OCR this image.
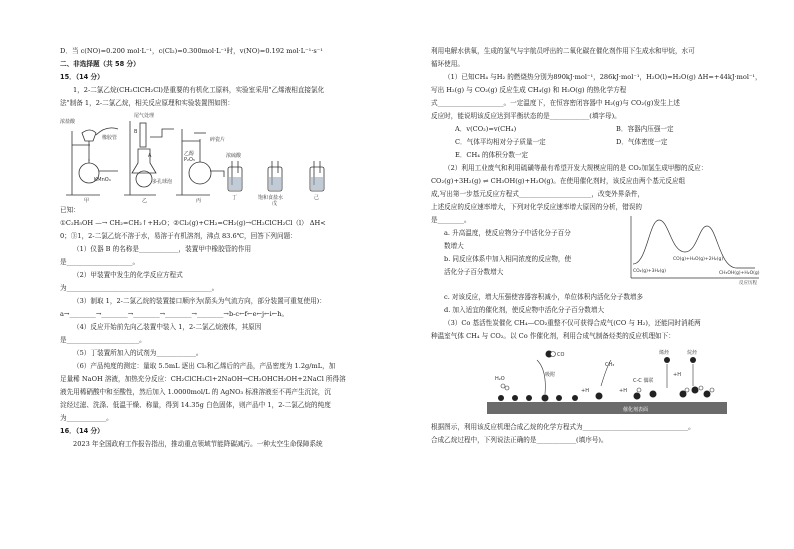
D．当 c(NO)=0.200 mol·L⁻¹，c(Cl₂)=0.300mol·L⁻¹时，v(NO)=0.192 mol·L⁻¹·s⁻¹
二、非选择题（共 58 分）
15．（14 分）
1，2-二氯乙烷(CH₂ClCH₂Cl)是重要的有机化工原料，实验室采用"乙烯液相直接氯化
法"制备 1，2-二氯乙烷，相关反应原理和实验装置图如图：
浓盐酸
KMnO₄
甲
尾气处理
A
B
橡胶管
多孔球泡
乙
乙醇
P₂O₅
丙
浓硫酸
丁	饱和食盐水
戊
己
碎瓷片
已知：
①C₂H₅OH —→ CH₂=CH₂↑+H₂O；②Cl₂(g)+CH₂=CH₂(g)→CH₂ClCH₂Cl（l） ΔH<
0；③1，2-二氯乙烷不溶于水，易溶于有机溶剂，沸点 83.6℃，回答下列问题：
（1）仪器 B 的名称是____________，装置甲中橡胶管的作用
是____________________。
（2）甲装置中发生的化学反应方程式
为____________________________________________。
（3）制取 1，2-二氯乙烷的装置接口顺序为(箭头为气流方向，部分装置可重复使用)：
a→________→________→________→________→________→b-c←f←e←j←i←h。
（4）反应开始前先向乙装置中装入 1，2-二氯乙烷液体，其原因
是______________________。
（5）丁装置所加入的试剂为____________。
（6）产品纯度的测定：量取 5.5mL 逐出 Cl₂和乙烯后的产品，产品密度为 1.2g/mL，加
足量稀 NaOH 溶液，加热充分反应：CH₂ClCH₂Cl+2NaOH→CH₂OHCH₂OH+2NaCl 所得溶
液先用稀硝酸中和至酸性，然后加入 1.0000mol/L 的 AgNO₃ 标准溶液至不再产生沉淀，沉
淀经过滤、洗涤、低温干燥、称量，得到 14.35g 白色固体，则产品中 1，2-二氯乙烷的纯度
为____________。
16．（14 分）
2023 年全国政府工作报告指出，推动重点领域节能降碳减污。一种太空生命保障系统
利用电解水供氧，生成的氢气与宇航员呼出的二氧化碳在催化剂作用下生成水和甲烷，水可
循环使用。
（1）已知CH₄ 与H₂ 的燃烧热分别为890kJ·mol⁻¹，286kJ·mol⁻¹，H₂O(l)=H₂O(g) ΔH=+44kJ·mol⁻¹，
写出 H₂(g) 与 CO₂(g) 反应生成 CH₄(g) 和 H₂O(g) 的热化学方程
式____________________。一定温度下，在恒容密闭容器中 H₂(g)与 CO₂(g)发生上述
反应时，能说明该反应达到平衡状态的是____________(填字母)。
A．v(CO₂)=v(CH₄)	B．容器内压强一定
C．气体平均相对分子质量一定	D．气体密度一定
E．CH₄ 的体积分数一定
（2）利用工业废气和利用硫磺等最有希望开发大规模应用的是 CO₂加氢生成甲醇的反应：
CO₂(g)+3H₂(g) ⇌ CH₃OH(g)+H₂O(g)。在使用催化剂时，该反应由两个基元反应组
成,写出第一步基元反应方程式______________________，改变外界条件，
上述反应的反应速率增大，下列对化学反应速率增大原因的分析，错误的
是________。
a. 升高温度，使反应物分子中活化分子百分
数增大
b. 同反应体系中加入相同浓度的反应物，使
活化分子百分数增大	CO₂(g)+3H₂(g)	CH₃OH(g)+H₂O(g)
CO(g)+H₂O(g)+2H₂(g)
反应历程
c. 对该反应，增大压强使容器容积减小，单位体积内活化分子数增多
d. 加入适宜的催化剂，使反应物中活化分子百分数增大
（3）Co 基活性炭催化 CH₄—CO₂重整不仅可获得合成气(CO 与 H₂)，还能同时消耗两
种温室气体 CH₄ 与 CO₂。以 Co 作催化剂，利用合成气制备烃类的反应机理如下：
H₂O
CO
吸附
CH₃
+H	+H
C-C 偶联
+H
烯烃	烷烃
催化剂表面
根据图示，利用该反应机理合成乙烷的化学方程式为________________________________。
合成乙烷过程中，下列说法正确的是____________(填序号)。
